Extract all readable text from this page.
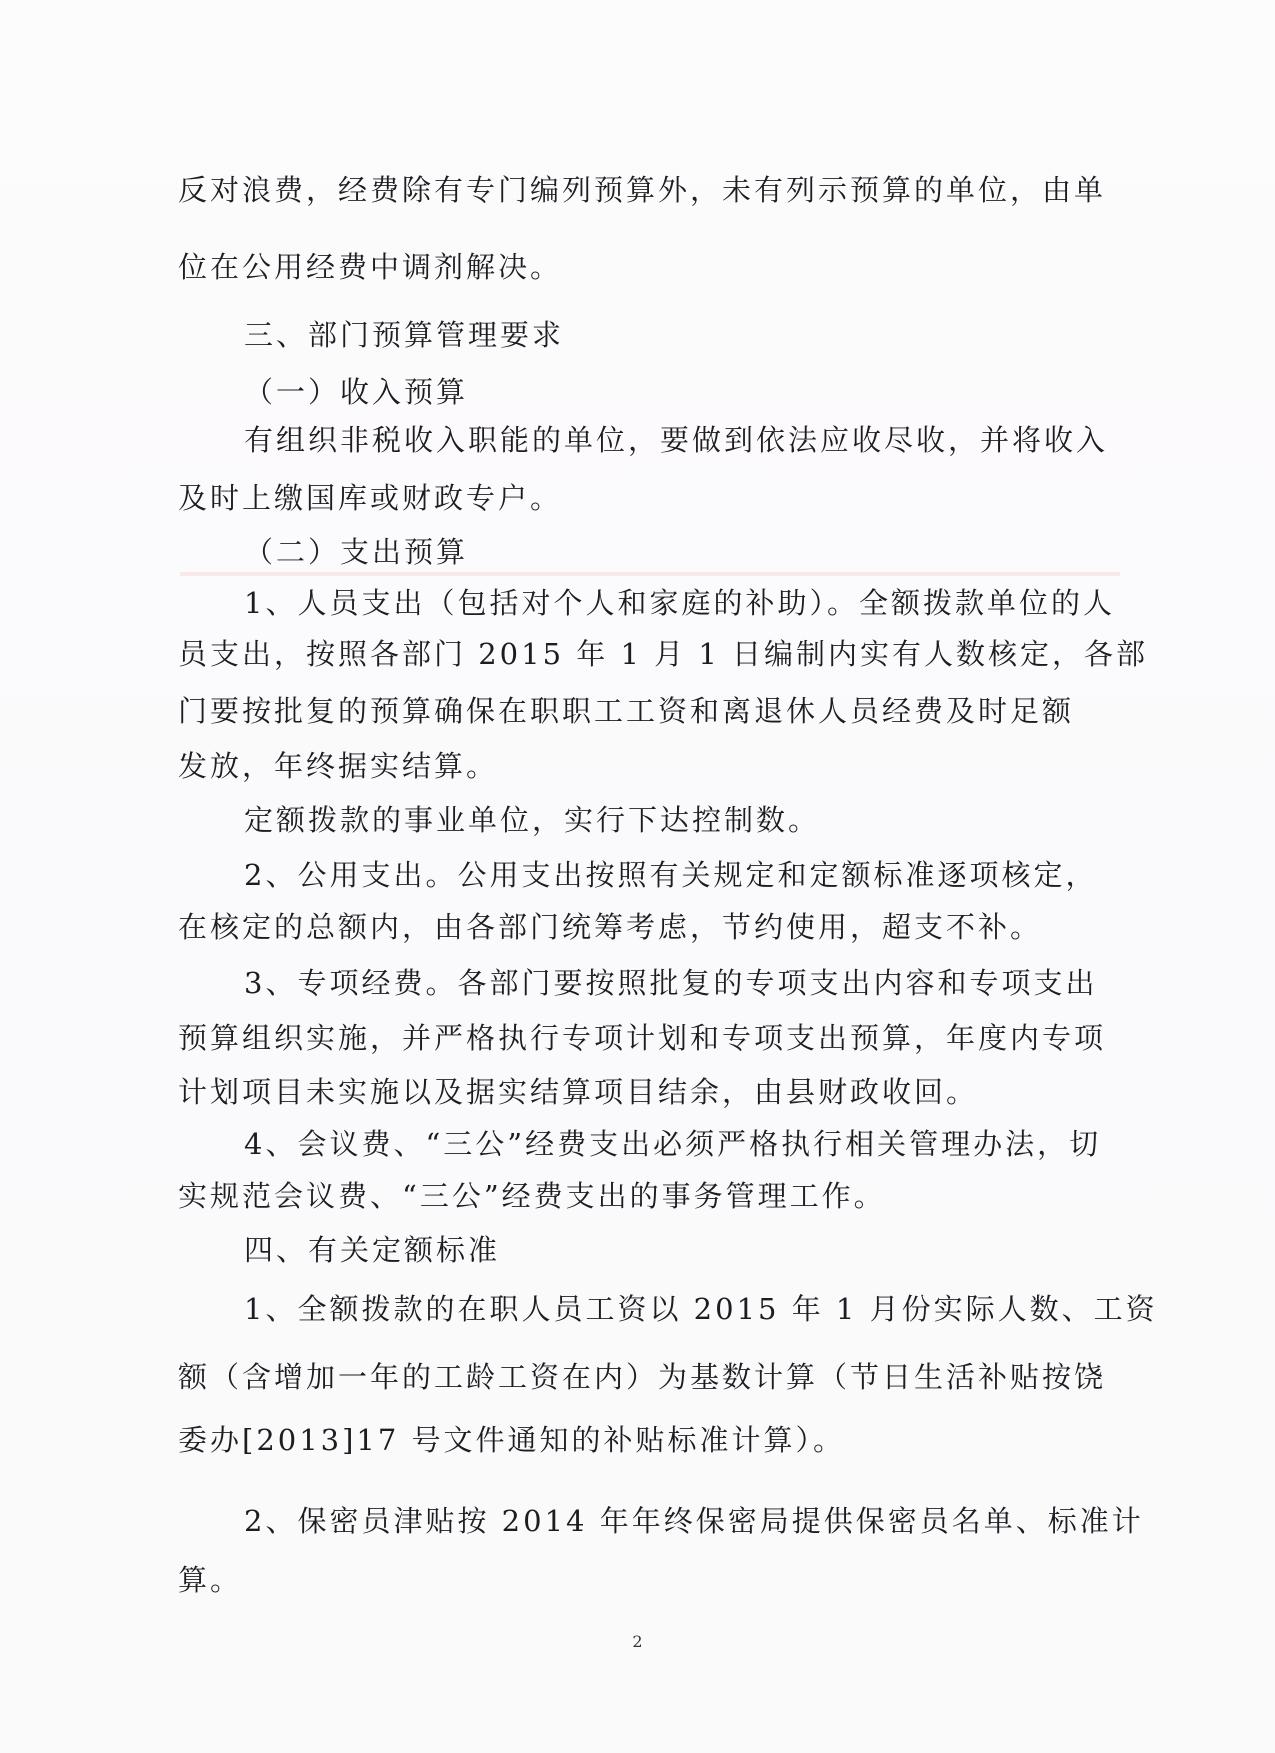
反对浪费，经费除有专门编列预算外，未有列示预算的单位，由单

位在公用经费中调剂解决。

三、部门预算管理要求

（一）收入预算

有组织非税收入职能的单位，要做到依法应收尽收，并将收入

及时上缴国库或财政专户。

（二）支出预算

1、人员支出（包括对个人和家庭的补助）。全额拨款单位的人

员支出，按照各部门 2015 年 1 月 1 日编制内实有人数核定，各部

门要按批复的预算确保在职职工工资和离退休人员经费及时足额

发放，年终据实结算。

定额拨款的事业单位，实行下达控制数。

2、公用支出。公用支出按照有关规定和定额标准逐项核定，

在核定的总额内，由各部门统筹考虑，节约使用，超支不补。

3、专项经费。各部门要按照批复的专项支出内容和专项支出

预算组织实施，并严格执行专项计划和专项支出预算，年度内专项

计划项目未实施以及据实结算项目结余，由县财政收回。

4、会议费、“三公”经费支出必须严格执行相关管理办法，切

实规范会议费、“三公”经费支出的事务管理工作。

四、有关定额标准

1、全额拨款的在职人员工资以 2015 年 1 月份实际人数、工资

额（含增加一年的工龄工资在内）为基数计算（节日生活补贴按饶

委办[2013]17 号文件通知的补贴标准计算）。

2、保密员津贴按 2014 年年终保密局提供保密员名单、标准计

算。

2
